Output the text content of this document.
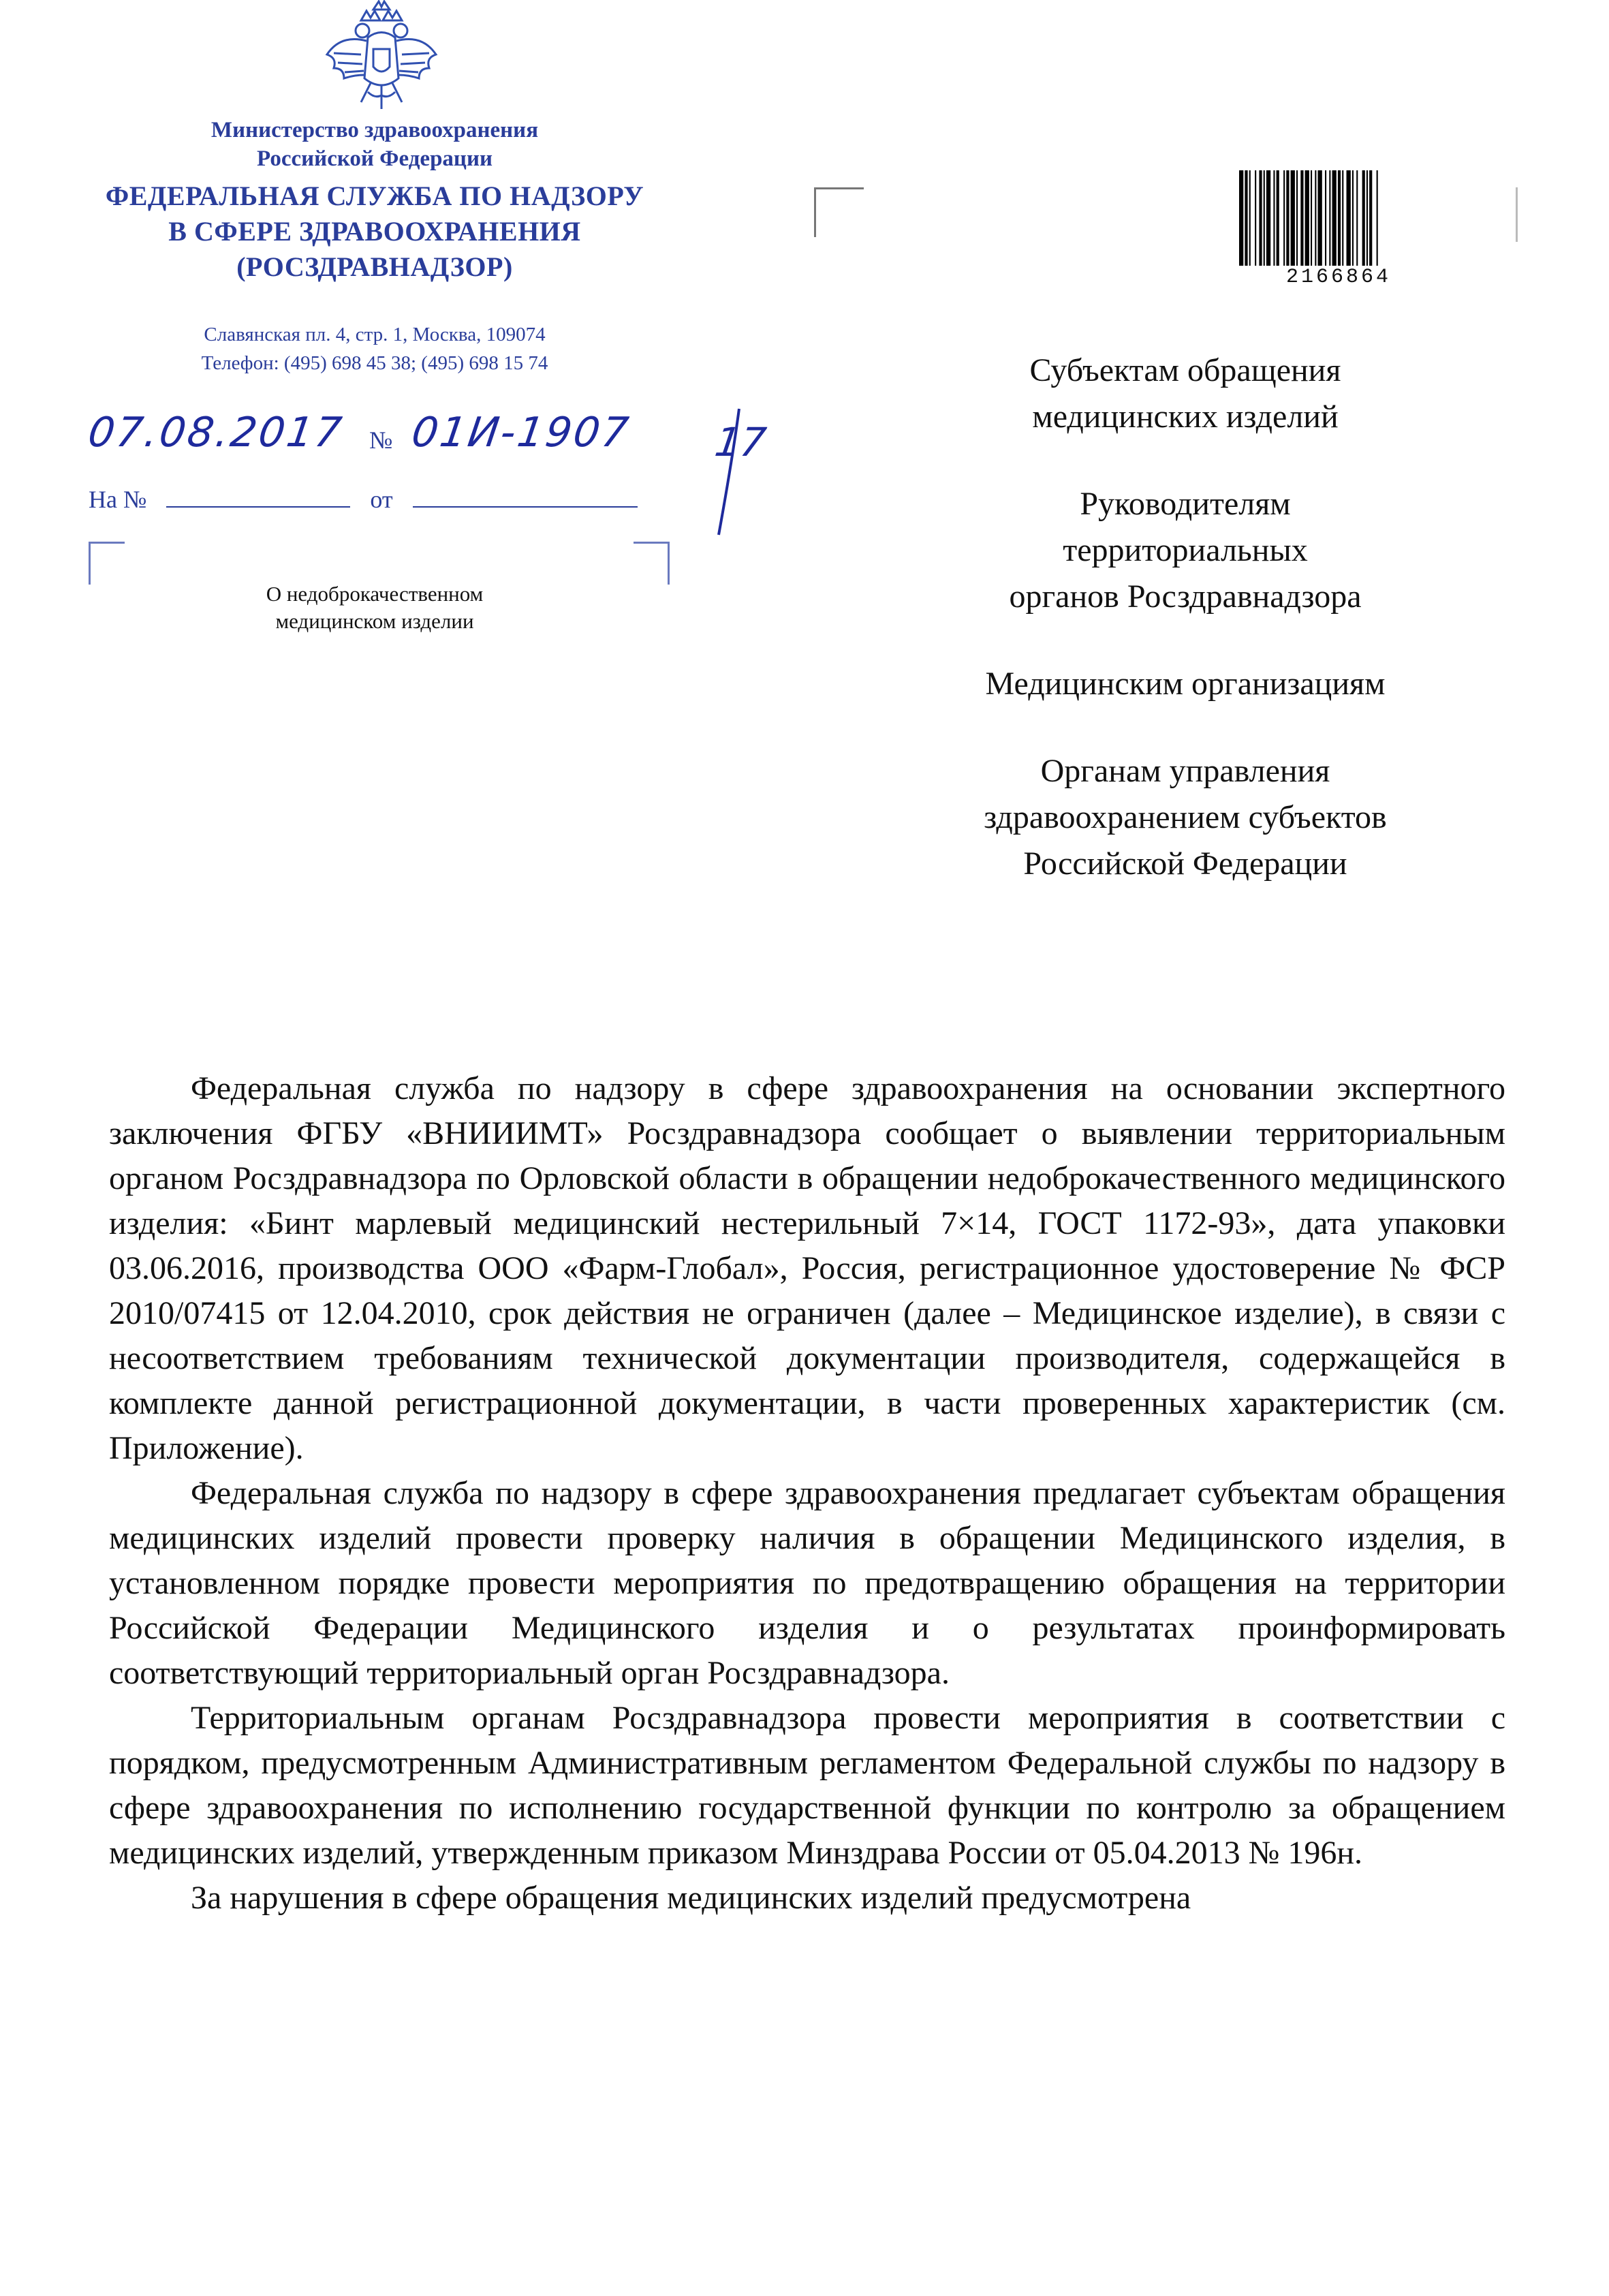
Министерство здравоохранения
Российской Федерации
ФЕДЕРАЛЬНАЯ СЛУЖБА ПО НАДЗОРУ
В СФЕРЕ ЗДРАВООХРАНЕНИЯ
(РОСЗДРАВНАДЗОР)
Славянская пл. 4, стр. 1, Москва, 109074
Телефон: (495) 698 45 38; (495) 698 15 74
07.08.2017 № 01И-1907 17
На №	от
О недоброкачественном
медицинском изделии
2166864
Субъектам обращения
медицинских изделий
Руководителям
территориальных
органов Росздравнадзора
Медицинским организациям
Органам управления
здравоохранением субъектов
Российской Федерации

Федеральная служба по надзору в сфере здравоохранения на основании экспертного заключения ФГБУ «ВНИИИМТ» Росздравнадзора сообщает о выявлении территориальным органом Росздравнадзора по Орловской области в обращении недоброкачественного медицинского изделия: «Бинт марлевый медицинский нестерильный 7×14, ГОСТ 1172-93», дата упаковки 03.06.2016, производства ООО «Фарм-Глобал», Россия, регистрационное удостоверение № ФСР 2010/07415 от 12.04.2010, срок действия не ограничен (далее – Медицинское изделие), в связи с несоответствием требованиям технической документации производителя, содержащейся в комплекте данной регистрационной документации, в части проверенных характеристик (см. Приложение).

Федеральная служба по надзору в сфере здравоохранения предлагает субъектам обращения медицинских изделий провести проверку наличия в обращении Медицинского изделия, в установленном порядке провести мероприятия по предотвращению обращения на территории Российской Федерации Медицинского изделия и о результатах проинформировать соответствующий территориальный орган Росздравнадзора.

Территориальным органам Росздравнадзора провести мероприятия в соответствии с порядком, предусмотренным Административным регламентом Федеральной службы по надзору в сфере здравоохранения по исполнению государственной функции по контролю за обращением медицинских изделий, утвержденным приказом Минздрава России от 05.04.2013 № 196н.

За нарушения в сфере обращения медицинских изделий предусмотрена
